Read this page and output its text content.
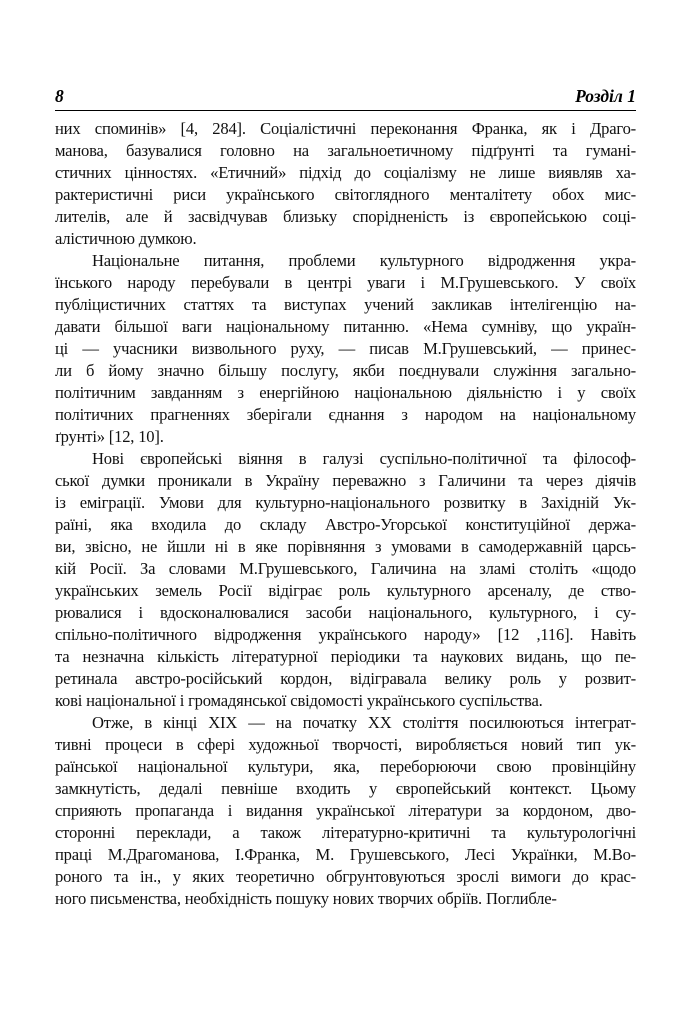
8	Розділ 1
них споминів» [4, 284]. Соціалістичні переконання Франка, як і Драго-
манова, базувалися головно на загальноетичному підґрунті та гумані-
стичних цінностях. «Етичний» підхід до соціалізму не лише виявляв ха-
рактеристичні риси українського світоглядного менталітету обох мис-
лителів, але й засвідчував близьку спорідненість із європейською соці-
алістичною думкою.
Національне питання, проблеми культурного відродження укра-
їнського народу перебували в центрі уваги і М.Грушевського. У своїх
публіцистичних статтях та виступах учений закликав інтелігенцію на-
давати більшої ваги національному питанню. «Нема сумніву, що україн-
ці — учасники визвольного руху, — писав М.Грушевський, — принес-
ли б йому значно більшу послугу, якби поєднували служіння загально-
політичним завданням з енергійною національною діяльністю і у своїх
політичних прагненнях зберігали єднання з народом на національному
ґрунті» [12, 10].
Нові європейські віяння в галузі суспільно-політичної та філософ-
ської думки проникали в Україну переважно з Галичини та через діячів
із еміграції. Умови для культурно-національного розвитку в Західній Ук-
раїні, яка входила до складу Австро-Угорської конституційної держа-
ви, звісно, не йшли ні в яке порівняння з умовами в самодержавній царсь-
кій Росії. За словами М.Грушевського, Галичина на зламі століть «щодо
українських земель Росії відіграє роль культурного арсеналу, де ство-
рювалися і вдосконалювалися засоби національного, культурного, і су-
спільно-політичного відродження українського народу» [12 ,116]. Навіть
та незначна кількість літературної періодики та наукових видань, що пе-
ретинала австро-російський кордон, відігравала велику роль у розвит-
кові національної і громадянської свідомості українського суспільства.
Отже, в кінці XIX — на початку XX століття посилюються інтеграт-
тивні процеси в сфері художньої творчості, виробляється новий тип ук-
раїнської національної культури, яка, переборюючи свою провінційну
замкнутість, дедалі певніше входить у європейський контекст. Цьому
сприяють пропаганда і видання української літератури за кордоном, дво-
сторонні переклади, а також літературно-критичні та культурологічні
праці М.Драгоманова, І.Франка, М. Грушевського, Лесі Українки, М.Во-
роного та ін., у яких теоретично обгрунтовуються зрослі вимоги до крас-
ного письменства, необхідність пошуку нових творчих обріїв. Поглибле-
